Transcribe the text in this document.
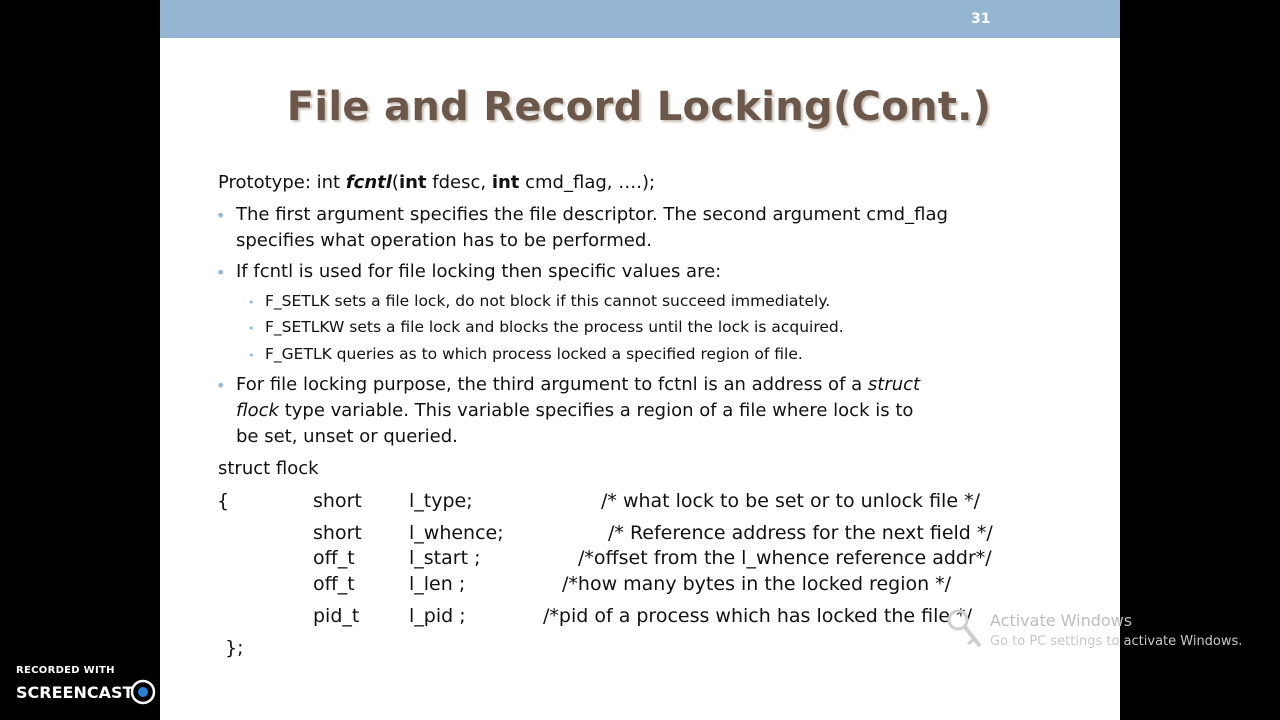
31
File and Record Locking(Cont.)
Prototype: int fcntl(int fdesc, int cmd_flag, ….);
• The first argument specifies the file descriptor. The second argument cmd_flag
specifies what operation has to be performed.
• If fcntl is used for file locking then specific values are:
• F_SETLK sets a file lock, do not block if this cannot succeed immediately.
• F_SETLKW sets a file lock and blocks the process until the lock is acquired.
• F_GETLK queries as to which process locked a specified region of file.
• For file locking purpose, the third argument to fctnl is an address of a struct
flock type variable. This variable specifies a region of a file where lock is to
be set, unset or queried.
struct flock
{	short l_type;	/* what lock to be set or to unlock file */
short l_whence;	/* Reference address for the next field */
off_t	l_start ;	/*offset from the l_whence reference addr*/
off_t	l_len ;	/*how many bytes in the locked region */
pid_t	l_pid ;	/*pid of a process which has locked the file */
};
Activate Windows
Go to PC settings to activate Windows.
RECORDED WITH
SCREENCAST MATIC
